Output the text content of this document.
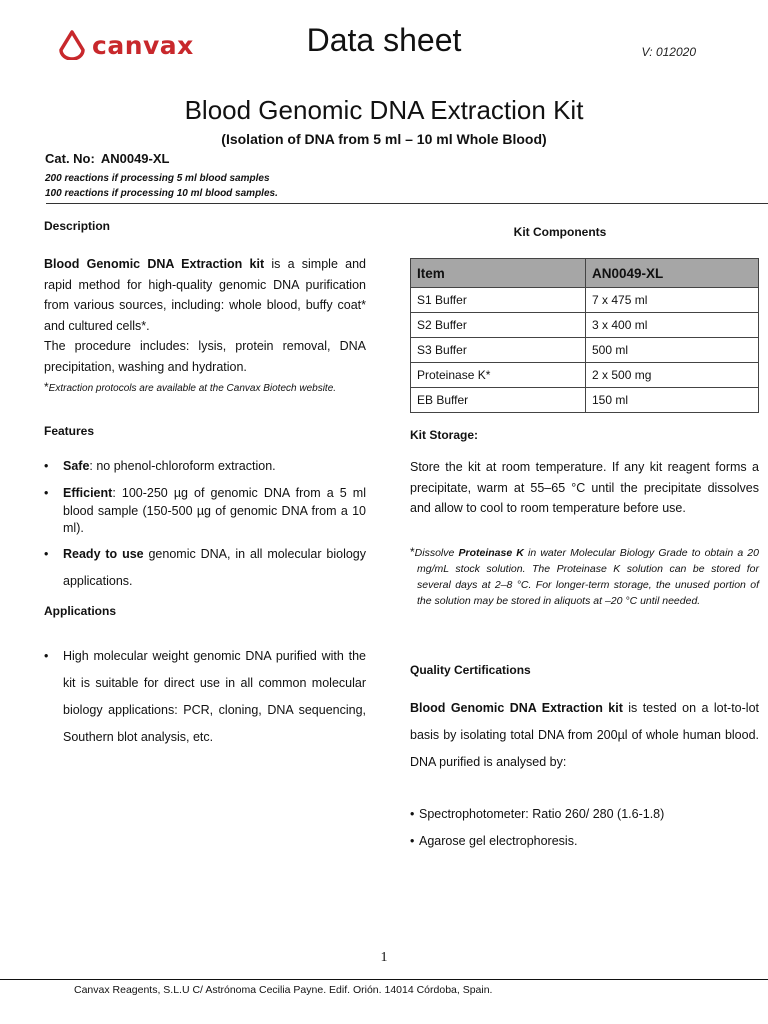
canvax	Data sheet	V: 012020
Blood Genomic DNA Extraction Kit
(Isolation of DNA from 5 ml – 10 ml Whole Blood)
Cat. No: AN0049-XL
200 reactions if processing 5 ml blood samples
100 reactions if processing 10 ml blood samples.
Description
Blood Genomic DNA Extraction kit is a simple and rapid method for high-quality genomic DNA purification from various sources, including: whole blood, buffy coat* and cultured cells*.
The procedure includes: lysis, protein removal, DNA precipitation, washing and hydration.
*Extraction protocols are available at the Canvax Biotech website.
Features
• Safe: no phenol-chloroform extraction.
• Efficient: 100-250 µg of genomic DNA from a 5 ml blood sample (150-500 µg of genomic DNA from a 10 ml).
• Ready to use genomic DNA, in all molecular biology applications.
Applications
• High molecular weight genomic DNA purified with the kit is suitable for direct use in all common molecular biology applications: PCR, cloning, DNA sequencing, Southern blot analysis, etc.
Kit Components
Item	AN0049-XL
S1 Buffer	7 x 475 ml
S2 Buffer	3 x 400 ml
S3 Buffer	500 ml
Proteinase K*	2 x 500 mg
EB Buffer	150 ml
Kit Storage:
Store the kit at room temperature. If any kit reagent forms a precipitate, warm at 55–65 °C until the precipitate dissolves and allow to cool to room temperature before use.
*Dissolve Proteinase K in water Molecular Biology Grade to obtain a 20 mg/mL stock solution. The Proteinase K solution can be stored for several days at 2–8 °C. For longer-term storage, the unused portion of the solution may be stored in aliquots at –20 °C until needed.
Quality Certifications
Blood Genomic DNA Extraction kit is tested on a lot-to-lot basis by isolating total DNA from 200µl of whole human blood. DNA purified is analysed by:
• Spectrophotometer: Ratio 260/ 280 (1.6-1.8)
• Agarose gel electrophoresis.
1
Canvax Reagents, S.L.U C/ Astrónoma Cecilia Payne. Edif. Orión. 14014 Córdoba, Spain.
